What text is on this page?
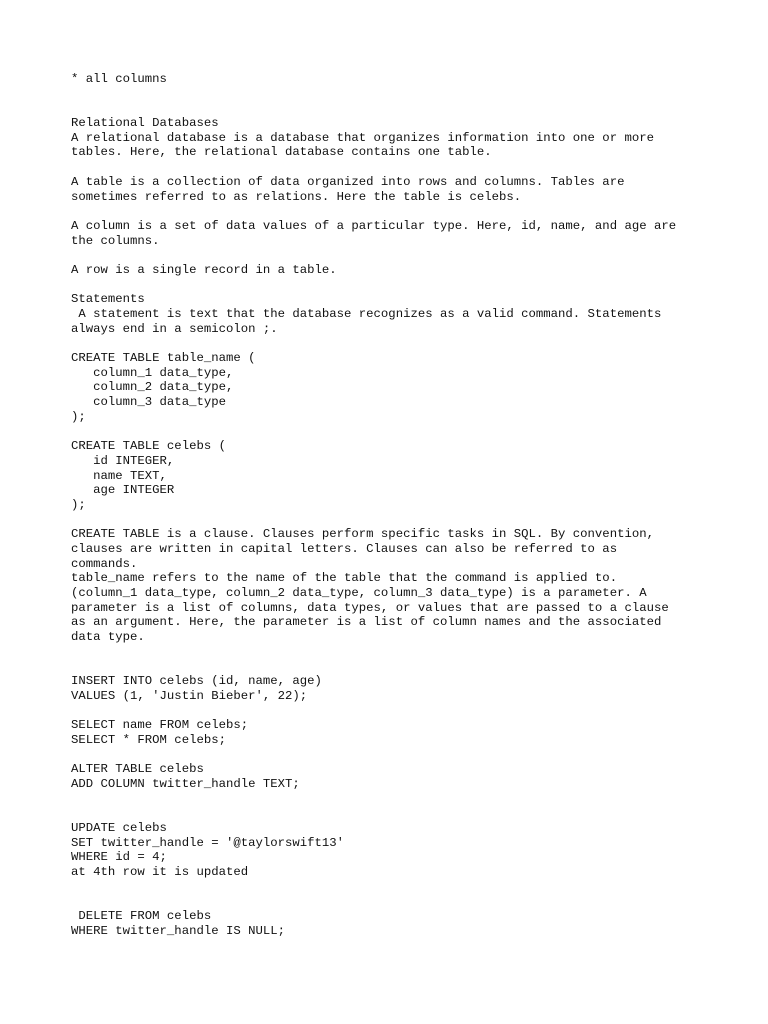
* all columns
Relational Databases
A relational database is a database that organizes information into one or more
tables. Here, the relational database contains one table.
A table is a collection of data organized into rows and columns. Tables are
sometimes referred to as relations. Here the table is celebs.
A column is a set of data values of a particular type. Here, id, name, and age are
the columns.
A row is a single record in a table.
Statements
A statement is text that the database recognizes as a valid command. Statements
always end in a semicolon ;.
CREATE TABLE table_name (
column_1 data_type,
column_2 data_type,
column_3 data_type
);
CREATE TABLE celebs (
id INTEGER,
name TEXT,
age INTEGER
);
CREATE TABLE is a clause. Clauses perform specific tasks in SQL. By convention,
clauses are written in capital letters. Clauses can also be referred to as
commands.
table_name refers to the name of the table that the command is applied to.
(column_1 data_type, column_2 data_type, column_3 data_type) is a parameter. A
parameter is a list of columns, data types, or values that are passed to a clause
as an argument. Here, the parameter is a list of column names and the associated
data type.
INSERT INTO celebs (id, name, age)
VALUES (1, 'Justin Bieber', 22);
SELECT name FROM celebs;
SELECT * FROM celebs;
ALTER TABLE celebs
ADD COLUMN twitter_handle TEXT;
UPDATE celebs
SET twitter_handle = '@taylorswift13'
WHERE id = 4;
at 4th row it is updated
DELETE FROM celebs
WHERE twitter_handle IS NULL;
